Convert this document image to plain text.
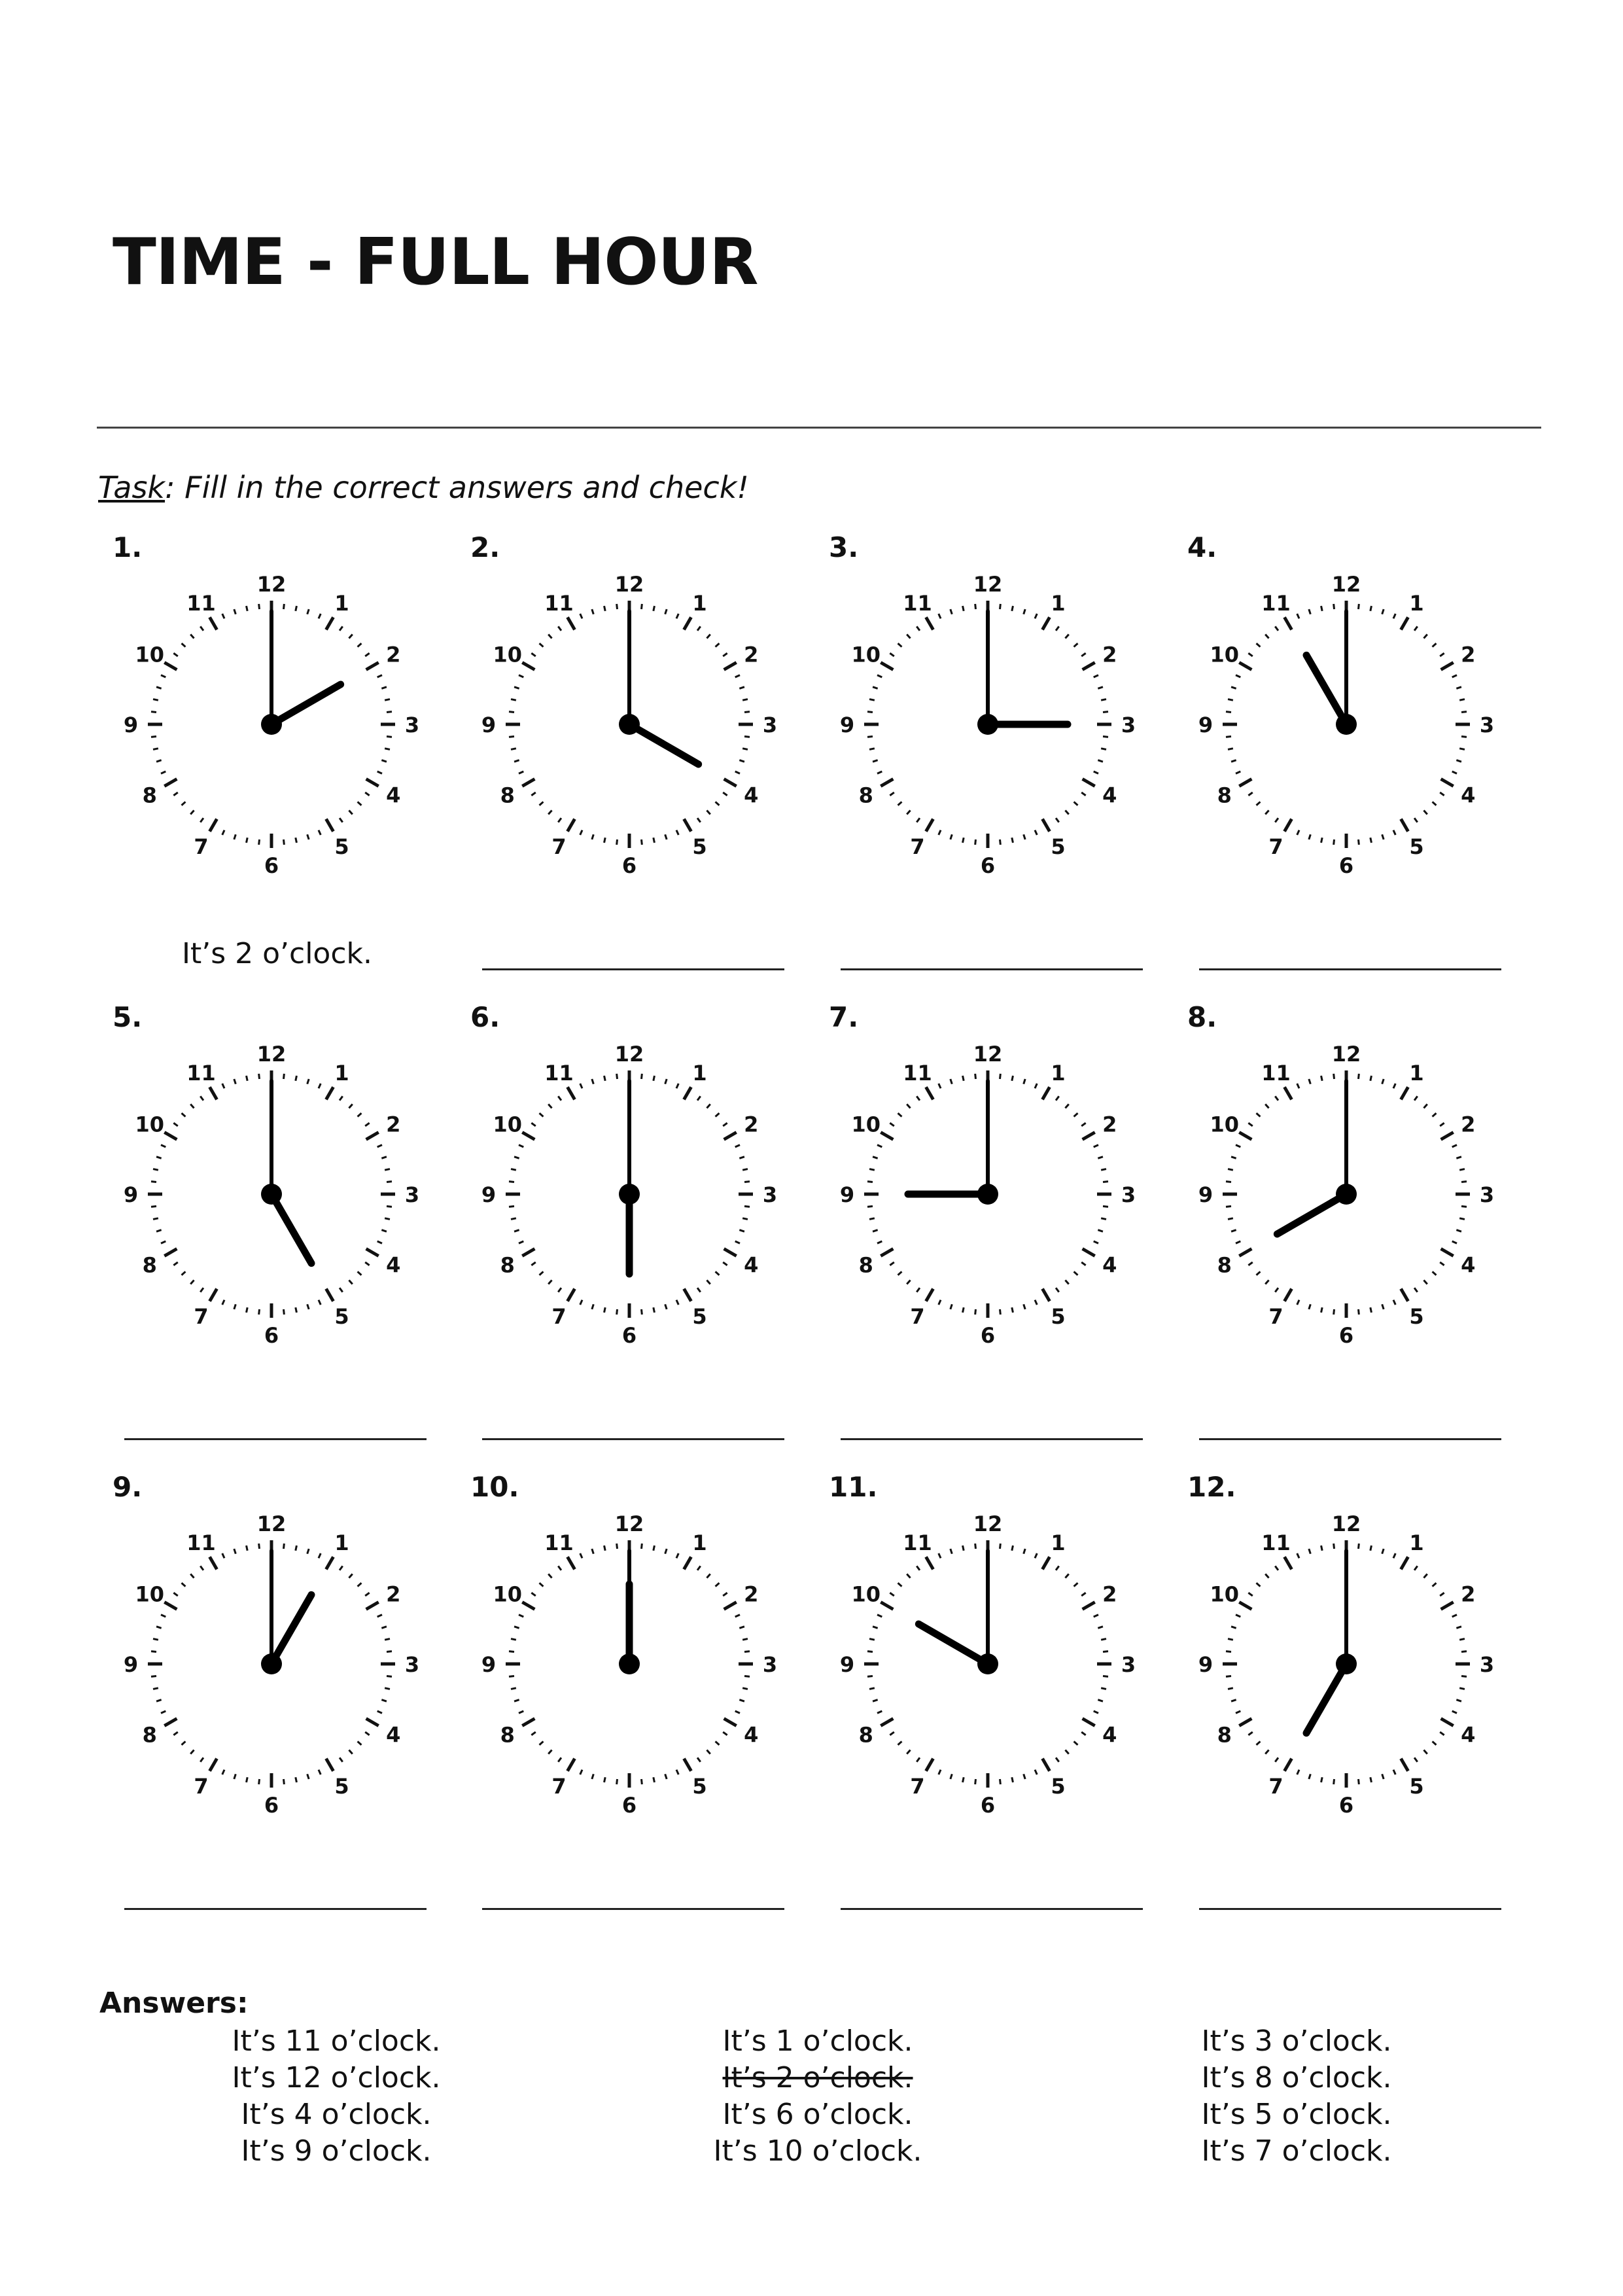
TIME - FULL HOUR
Task: Fill in the correct answers and check!
1.
12
1
2
3
4
5
6
7
8
9
10
11
It’s 2 o’clock.
2.
12
1
2
3
4
5
6
7
8
9
10
11
3.
12
1
2
3
4
5
6
7
8
9
10
11
4.
12
1
2
3
4
5
6
7
8
9
10
11
5.
12
1
2
3
4
5
6
7
8
9
10
11
6.
12
1
2
3
4
5
6
7
8
9
10
11
7.
12
1
2
3
4
5
6
7
8
9
10
11
8.
12
1
2
3
4
5
6
7
8
9
10
11
9.
12
1
2
3
4
5
6
7
8
9
10
11
10.
12
1
2
3
4
5
6
7
8
9
10
11
11.
12
1
2
3
4
5
6
7
8
9
10
11
12.
12
1
2
3
4
5
6
7
8
9
10
11
Answers:
It’s 11 o’clock.
It’s 12 o’clock.
It’s 4 o’clock.
It’s 9 o’clock.
It’s 1 o’clock.
It’s 2 o’clock.
It’s 6 o’clock.
It’s 10 o’clock.
It’s 3 o’clock.
It’s 8 o’clock.
It’s 5 o’clock.
It’s 7 o’clock.
